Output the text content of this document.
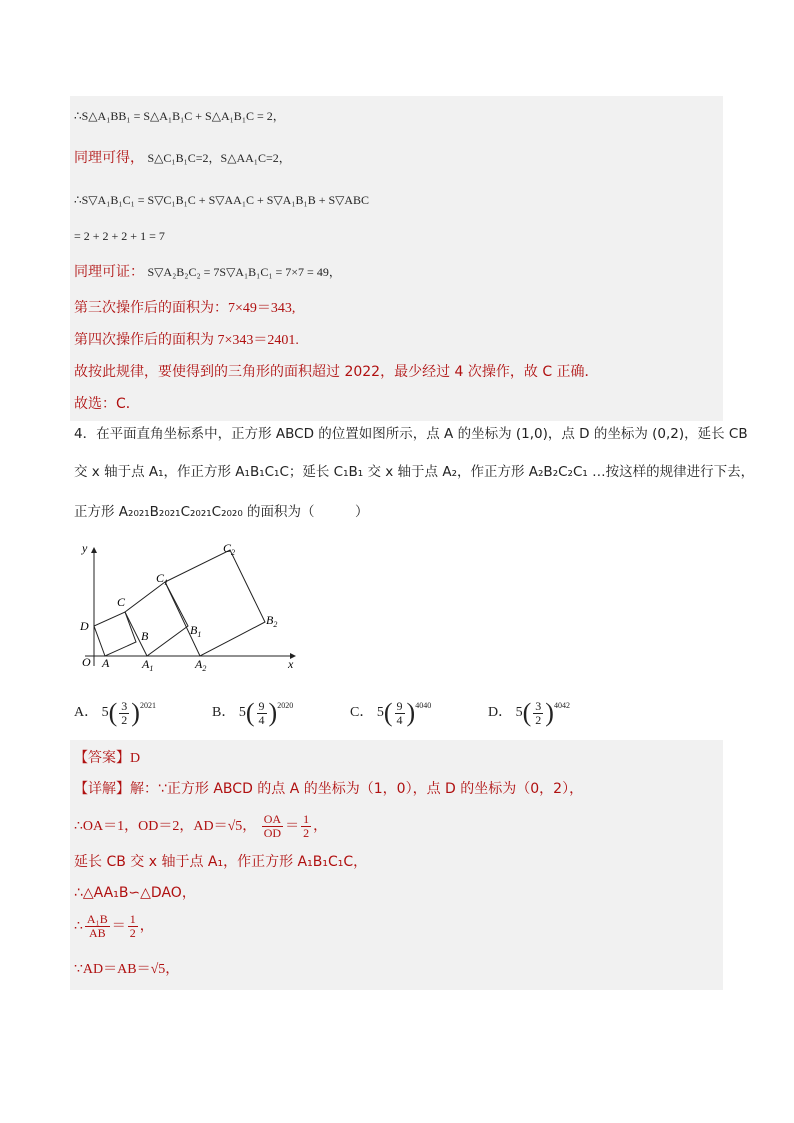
∴S△A₁BB₁ = S△A₁B₁C + S△A₁B₁C = 2，
同理可得， S△C₁B₁C=2，S△AA₁C=2，
∴S▽A₁B₁C₁ = S▽C₁B₁C + S▽AA₁C + S▽A₁B₁B + S▽ABC
= 2 + 2 + 2 + 1 = 7
同理可证： S▽A₂B₂C₂ = 7S▽A₁B₁C₁ = 7×7 = 49，
第三次操作后的面积为：7×49＝343,
第四次操作后的面积为 7×343＝2401.
故按此规律，要使得到的三角形的面积超过 2022，最少经过 4 次操作，故 C 正确．
故选：C．
4．在平面直角坐标系中，正方形 ABCD 的位置如图所示，点 A 的坐标为 (1,0)，点 D 的坐标为 (0,2)，延长 CB
交 x 轴于点 A₁，作正方形 A₁B₁C₁C；延长 C₁B₁ 交 x 轴于点 A₂，作正方形 A₂B₂C₂C₁ …按这样的规律进行下去，
正方形 A₂₀₂₁B₂₀₂₁C₂₀₂₁C₂₀₂₀ 的面积为（　　　）
y
x
O A	$A_1$	$A_2$
B	$B_1$
$B_2$
C
$C_1$
$C_2$
D
A． $5( \frac{3}{2} )^{2021}$	B． $5( \frac{9}{4} )^{2020}$	C． $5( \frac{9}{4} )^{4040}$	D． $5( \frac{3}{2} )^{4042}$
【答案】D
【详解】解：∵正方形 ABCD 的点 A 的坐标为（1，0），点 D 的坐标为（0，2），
∴OA＝1，OD＝2，AD＝√5， $\frac{OA}{OD} = \frac{1}{2}$ ，
延长 CB 交 x 轴于点 A₁，作正方形 A₁B₁C₁C，
∴△AA₁B∽△DAO，
∴ $\frac{\text{A₁B}}{AB} = \frac{1}{2}$ ，
∵AD＝AB＝√5，
